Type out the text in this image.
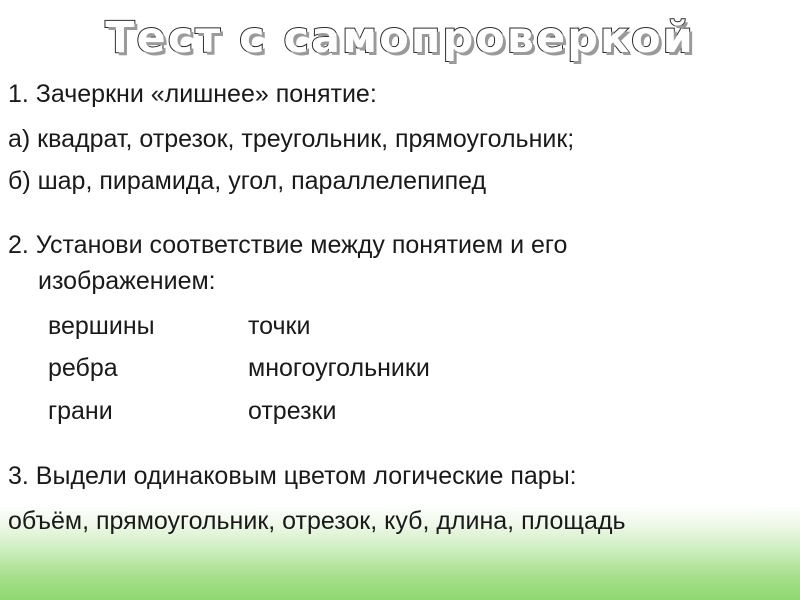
Тест с самопроверкой
1. Зачеркни «лишнее» понятие:
а) квадрат, отрезок, треугольник, прямоугольник;
б) шар, пирамида, угол, параллелепипед
2. Установи соответствие между понятием и его
изображением:
вершины	точки
ребра	многоугольники
грани	отрезки
3. Выдели одинаковым цветом логические пары:
объём, прямоугольник, отрезок, куб, длина, площадь
